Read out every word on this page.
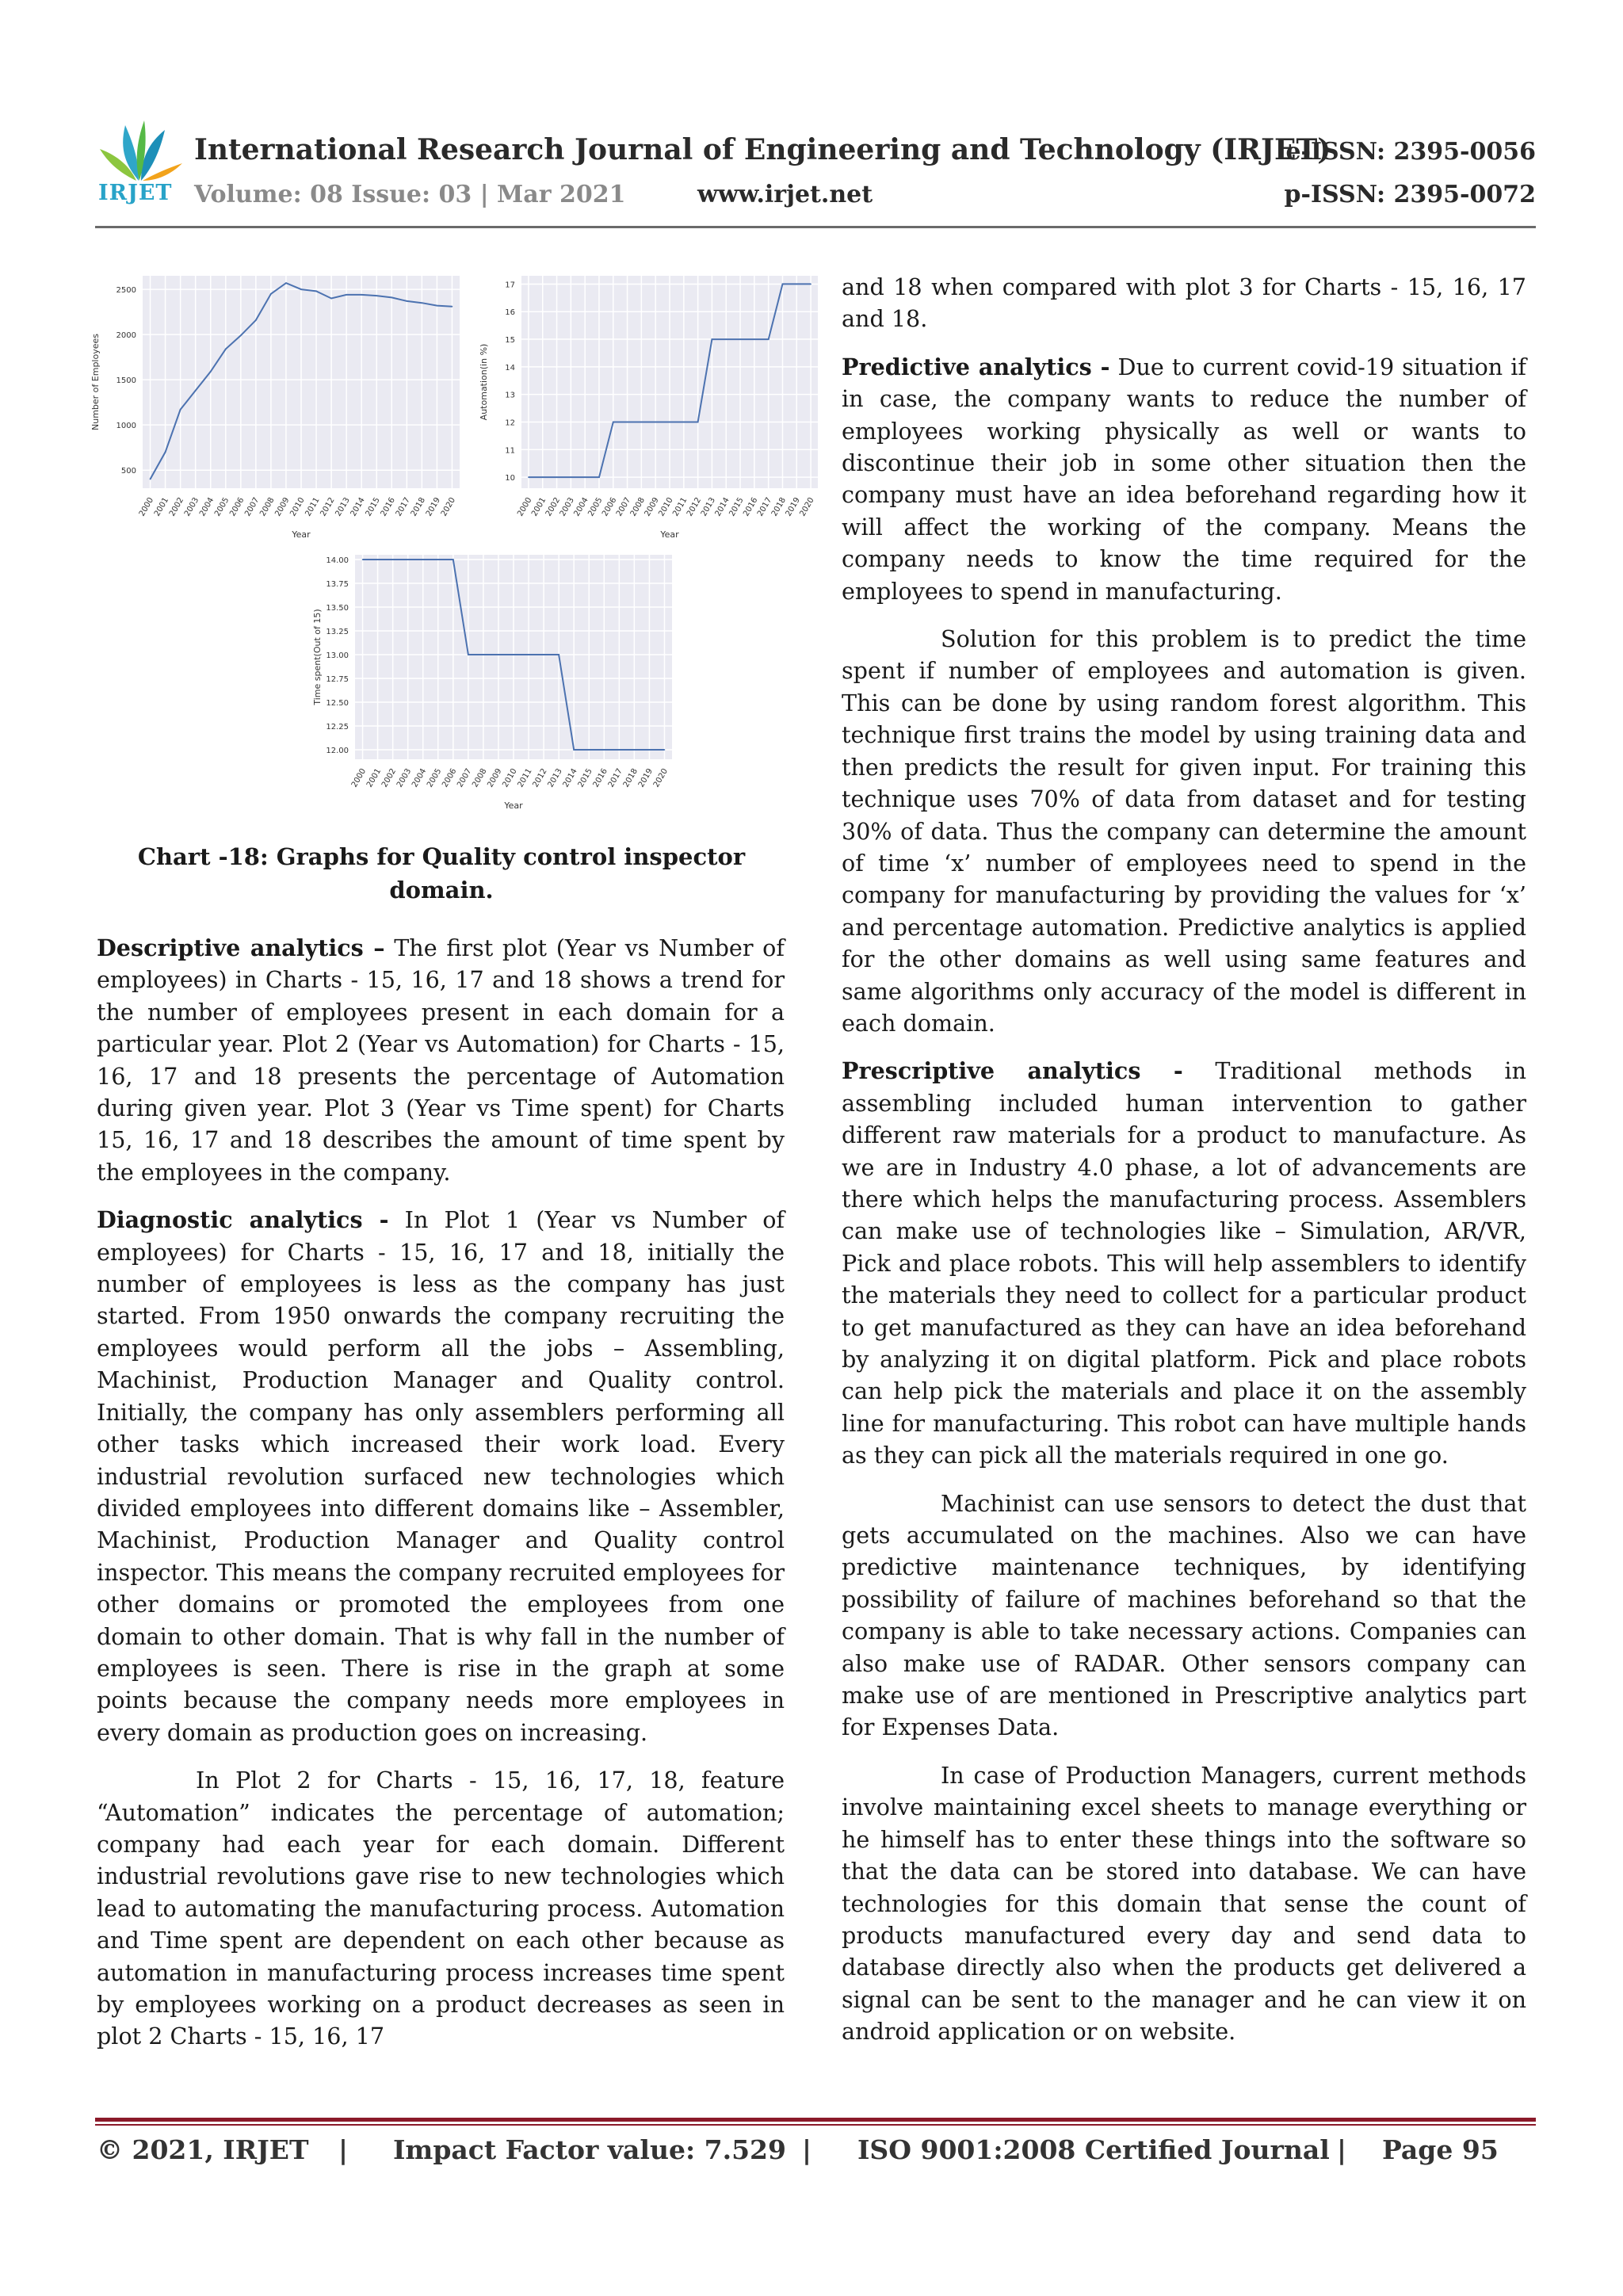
IRJET
International Research Journal of Engineering and Technology (IRJET)
Volume: 08 Issue: 03 | Mar 2021	www.irjet.net
e-ISSN: 2395-0056
p-ISSN: 2395-0072
2000
2001
2002
2003
2004
2005
2006
2007
2008
2009
2010
2011
2012
2013
2014
2015
2016
2017
2018
2019
2020
500
1000
1500
2000
2500
Year
Number of Employees
2000
2001
2002
2003
2004
2005
2006
2007
2008
2009
2010
2011
2012
2013
2014
2015
2016
2017
2018
2019
2020
10
11
12
13
14
15
16
17
Year
Automation(in %)
2000
2001
2002
2003
2004
2005
2006
2007
2008
2009
2010
2011
2012
2013
2014
2015
2016
2017
2018
2019
2020
12.00
12.25
12.50
12.75
13.00
13.25
13.50
13.75
14.00
Year
Time spent(Out of 15)
Chart -18: Graphs for Quality control inspector domain.

Descriptive analytics – The first plot (Year vs Number of employees) in Charts - 15, 16, 17 and 18 shows a trend for the number of employees present in each domain for a particular year. Plot 2 (Year vs Automation) for Charts - 15, 16, 17 and 18 presents the percentage of Automation during given year. Plot 3 (Year vs Time spent) for Charts 15, 16, 17 and 18 describes the amount of time spent by the employees in the company.

Diagnostic analytics - In Plot 1 (Year vs Number of employees) for Charts - 15, 16, 17 and 18, initially the number of employees is less as the company has just started. From 1950 onwards the company recruiting the employees would perform all the jobs – Assembling, Machinist, Production Manager and Quality control. Initially, the company has only assemblers performing all other tasks which increased their work load. Every industrial revolution surfaced new technologies which divided employees into different domains like – Assembler, Machinist, Production Manager and Quality control inspector. This means the company recruited employees for other domains or promoted the employees from one domain to other domain. That is why fall in the number of employees is seen. There is rise in the graph at some points because the company needs more employees in every domain as production goes on increasing.

In Plot 2 for Charts - 15, 16, 17, 18, feature “Automation” indicates the percentage of automation; company had each year for each domain. Different industrial revolutions gave rise to new technologies which lead to automating the manufacturing process. Automation and Time spent are dependent on each other because as automation in manufacturing process increases time spent by employees working on a product decreases as seen in plot 2 Charts - 15, 16, 17

and 18 when compared with plot 3 for Charts - 15, 16, 17 and 18.

Predictive analytics - Due to current covid-19 situation if in case, the company wants to reduce the number of employees working physically as well or wants to discontinue their job in some other situation then the company must have an idea beforehand regarding how it will affect the working of the company. Means the company needs to know the time required for the employees to spend in manufacturing.

Solution for this problem is to predict the time spent if number of employees and automation is given. This can be done by using random forest algorithm. This technique first trains the model by using training data and then predicts the result for given input. For training this technique uses 70% of data from dataset and for testing 30% of data. Thus the company can determine the amount of time ‘x’ number of employees need to spend in the company for manufacturing by providing the values for ‘x’ and percentage automation. Predictive analytics is applied for the other domains as well using same features and same algorithms only accuracy of the model is different in each domain.

Prescriptive analytics - Traditional methods in assembling included human intervention to gather different raw materials for a product to manufacture. As we are in Industry 4.0 phase, a lot of advancements are there which helps the manufacturing process. Assemblers can make use of technologies like – Simulation, AR/VR, Pick and place robots. This will help assemblers to identify the materials they need to collect for a particular product to get manufactured as they can have an idea beforehand by analyzing it on digital platform. Pick and place robots can help pick the materials and place it on the assembly line for manufacturing. This robot can have multiple hands as they can pick all the materials required in one go.

Machinist can use sensors to detect the dust that gets accumulated on the machines. Also we can have predictive maintenance techniques, by identifying possibility of failure of machines beforehand so that the company is able to take necessary actions. Companies can also make use of RADAR. Other sensors company can make use of are mentioned in Prescriptive analytics part for Expenses Data.

In case of Production Managers, current methods involve maintaining excel sheets to manage everything or he himself has to enter these things into the software so that the data can be stored into database. We can have technologies for this domain that sense the count of products manufactured every day and send data to database directly also when the products get delivered a signal can be sent to the manager and he can view it on android application or on website.

© 2021, IRJET | Impact Factor value: 7.529 | ISO 9001:2008 Certified Journal | Page 95
